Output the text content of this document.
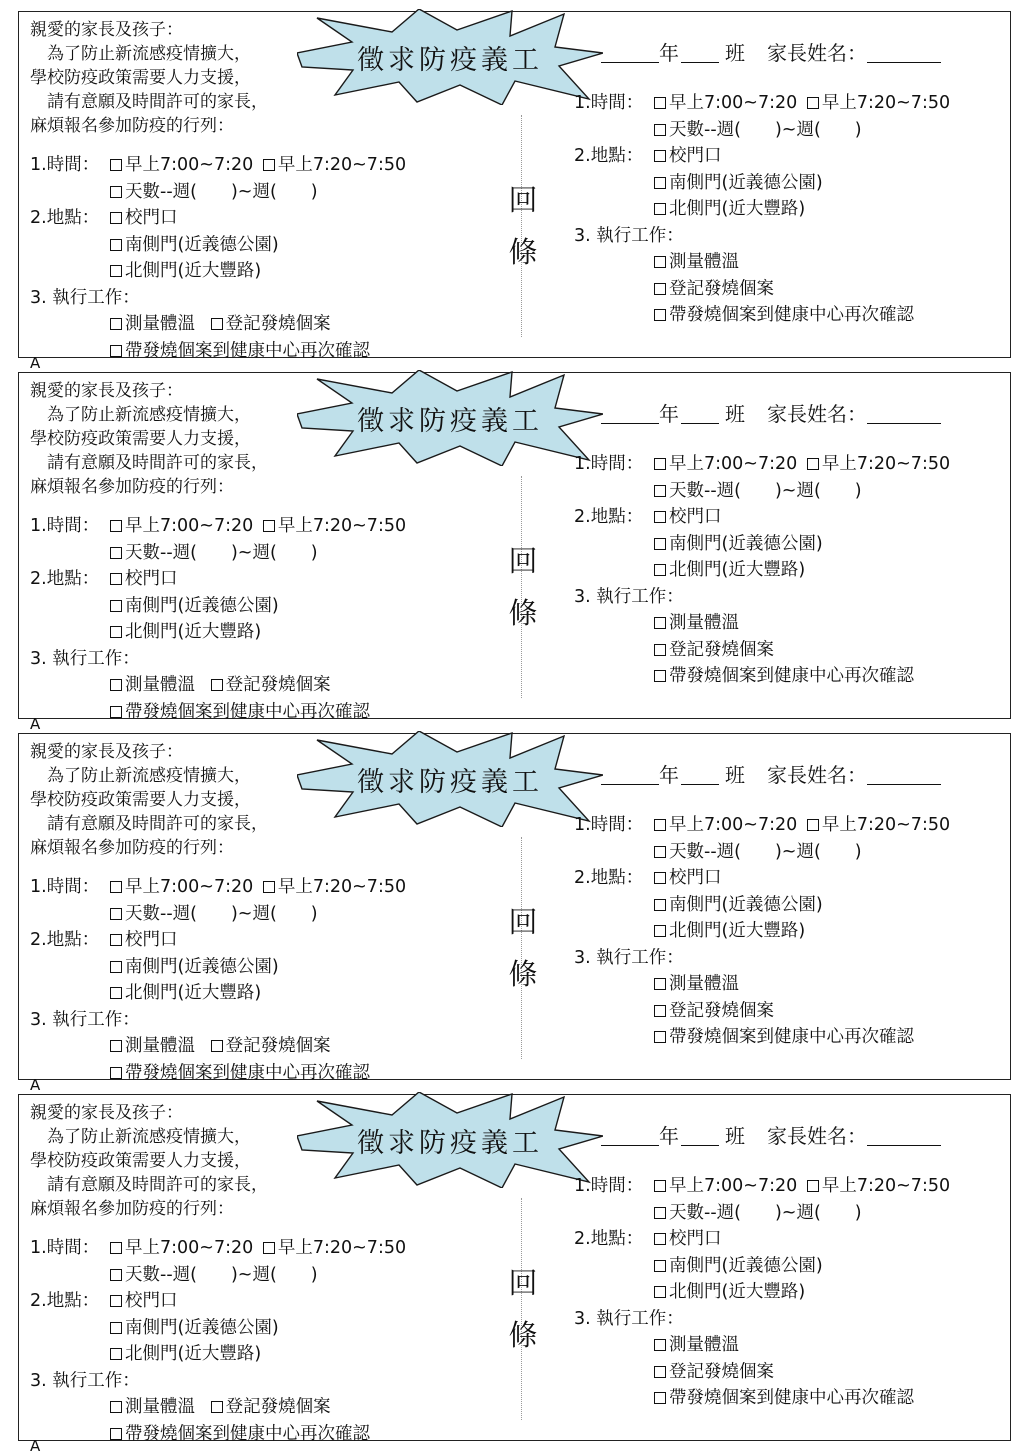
親愛的家長及孩子：
　為了防止新流感疫情擴大，
學校防疫政策需要人力支援，
　請有意願及時間許可的家長，
麻煩報名參加防疫的行列：
徵求防疫義工
1.時間： 早上7:00~7:20 早上7:20~7:50
天數--週( )~週( )
2.地點： 校門口
南側門(近義德公園)
北側門(近大豐路)
3. 執行工作：
測量體溫 登記發燒個案
帶發燒個案到健康中心再次確認
回
條
年 班 家長姓名：
1.時間： 早上7:00~7:20 早上7:20~7:50
天數--週( )~週( )
2.地點： 校門口
南側門(近義德公園)
北側門(近大豐路)
3. 執行工作：
測量體溫
登記發燒個案
帶發燒個案到健康中心再次確認
A
親愛的家長及孩子：
　為了防止新流感疫情擴大，
學校防疫政策需要人力支援，
　請有意願及時間許可的家長，
麻煩報名參加防疫的行列：
徵求防疫義工
1.時間： 早上7:00~7:20 早上7:20~7:50
天數--週( )~週( )
2.地點： 校門口
南側門(近義德公園)
北側門(近大豐路)
3. 執行工作：
測量體溫 登記發燒個案
帶發燒個案到健康中心再次確認
回
條
年 班 家長姓名：
1.時間： 早上7:00~7:20 早上7:20~7:50
天數--週( )~週( )
2.地點： 校門口
南側門(近義德公園)
北側門(近大豐路)
3. 執行工作：
測量體溫
登記發燒個案
帶發燒個案到健康中心再次確認
A
親愛的家長及孩子：
　為了防止新流感疫情擴大，
學校防疫政策需要人力支援，
　請有意願及時間許可的家長，
麻煩報名參加防疫的行列：
徵求防疫義工
1.時間： 早上7:00~7:20 早上7:20~7:50
天數--週( )~週( )
2.地點： 校門口
南側門(近義德公園)
北側門(近大豐路)
3. 執行工作：
測量體溫 登記發燒個案
帶發燒個案到健康中心再次確認
回
條
年 班 家長姓名：
1.時間： 早上7:00~7:20 早上7:20~7:50
天數--週( )~週( )
2.地點： 校門口
南側門(近義德公園)
北側門(近大豐路)
3. 執行工作：
測量體溫
登記發燒個案
帶發燒個案到健康中心再次確認
A
親愛的家長及孩子：
　為了防止新流感疫情擴大，
學校防疫政策需要人力支援，
　請有意願及時間許可的家長，
麻煩報名參加防疫的行列：
徵求防疫義工
1.時間： 早上7:00~7:20 早上7:20~7:50
天數--週( )~週( )
2.地點： 校門口
南側門(近義德公園)
北側門(近大豐路)
3. 執行工作：
測量體溫 登記發燒個案
帶發燒個案到健康中心再次確認
回
條
年 班 家長姓名：
1.時間： 早上7:00~7:20 早上7:20~7:50
天數--週( )~週( )
2.地點： 校門口
南側門(近義德公園)
北側門(近大豐路)
3. 執行工作：
測量體溫
登記發燒個案
帶發燒個案到健康中心再次確認
A
